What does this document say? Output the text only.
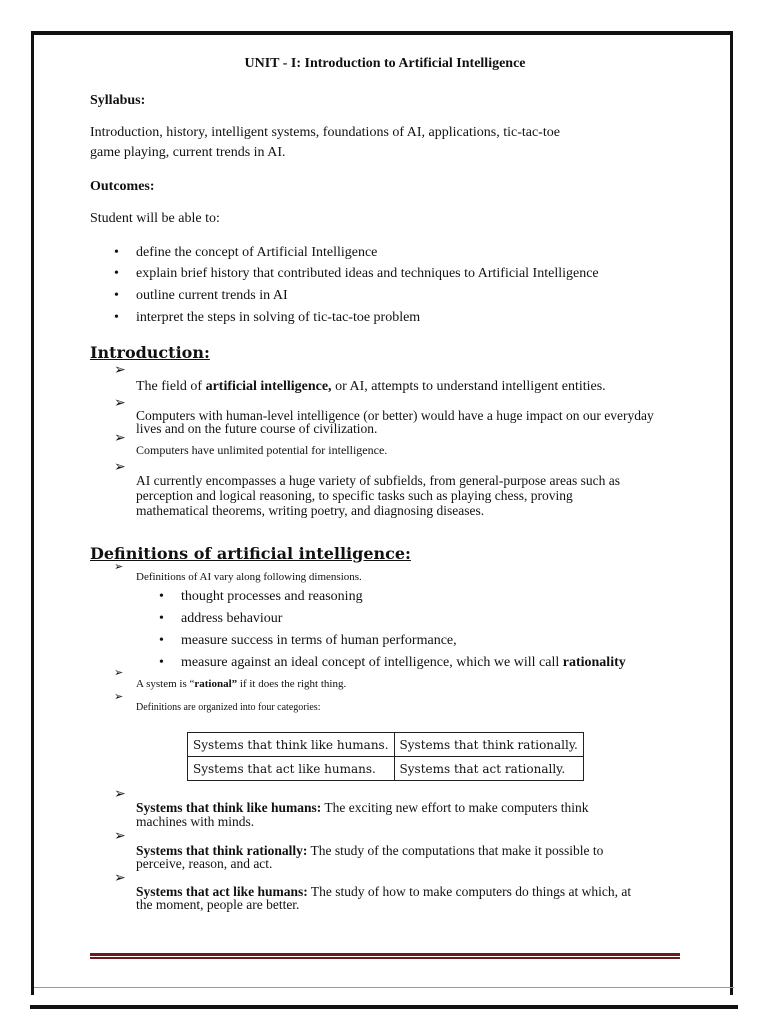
UNIT - I: Introduction to Artificial Intelligence
Syllabus:
Introduction, history, intelligent systems, foundations of AI, applications, tic-tac-toe
game playing, current trends in AI.
Outcomes:
Student will be able to:
• define the concept of Artificial Intelligence
• explain brief history that contributed ideas and techniques to Artificial Intelligence
• outline current trends in AI
• interpret the steps in solving of tic-tac-toe problem
Introduction:
➢
The field of artificial intelligence, or AI, attempts to understand intelligent entities.
➢
Computers with human-level intelligence (or better) would have a huge impact on our everyday
lives and on the future course of civilization.
➢
Computers have unlimited potential for intelligence.
➢
AI currently encompasses a huge variety of subfields, from general-purpose areas such as
perception and logical reasoning, to specific tasks such as playing chess, proving
mathematical theorems, writing poetry, and diagnosing diseases.
Definitions of artificial intelligence:
➢
Definitions of AI vary along following dimensions.
• thought processes and reasoning
• address behaviour
• measure success in terms of human performance,
• measure against an ideal concept of intelligence, which we will call rationality
➢
A system is “rational” if it does the right thing.
➢
Definitions are organized into four categories:
Systems that think like humans.	Systems that think rationally.
Systems that act like humans.	Systems that act rationally.
➢
Systems that think like humans: The exciting new effort to make computers think
machines with minds.
➢
Systems that think rationally: The study of the computations that make it possible to
perceive, reason, and act.
➢
Systems that act like humans: The study of how to make computers do things at which, at
the moment, people are better.
